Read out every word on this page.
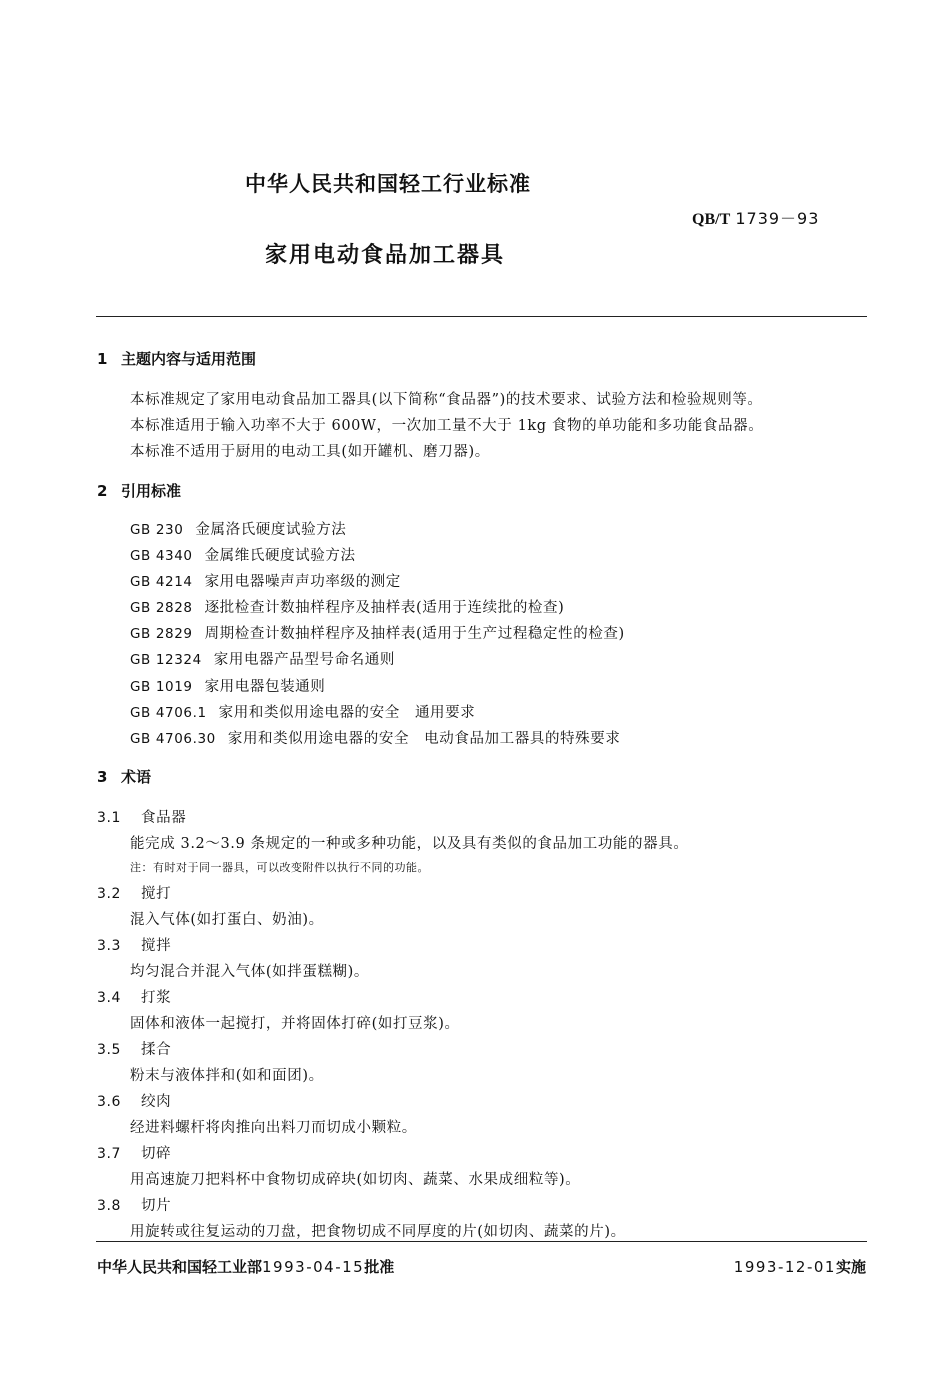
中华人民共和国轻工行业标准
QB/T 1739－93
家用电动食品加工器具
1 主题内容与适用范围
本标准规定了家用电动食品加工器具(以下简称“食品器”)的技术要求、试验方法和检验规则等。
本标准适用于输入功率不大于 600W，一次加工量不大于 1kg 食物的单功能和多功能食品器。
本标准不适用于厨用的电动工具(如开罐机、磨刀器)。
2 引用标准
GB 230 金属洛氏硬度试验方法
GB 4340 金属维氏硬度试验方法
GB 4214 家用电器噪声声功率级的测定
GB 2828 逐批检查计数抽样程序及抽样表(适用于连续批的检查)
GB 2829 周期检查计数抽样程序及抽样表(适用于生产过程稳定性的检查)
GB 12324 家用电器产品型号命名通则
GB 1019 家用电器包装通则
GB 4706.1 家用和类似用途电器的安全　通用要求
GB 4706.30 家用和类似用途电器的安全　电动食品加工器具的特殊要求
3 术语
3.1 食品器
能完成 3.2～3.9 条规定的一种或多种功能，以及具有类似的食品加工功能的器具。
注：有时对于同一器具，可以改变附件以执行不同的功能。
3.2 搅打
混入气体(如打蛋白、奶油)。
3.3 搅拌
均匀混合并混入气体(如拌蛋糕糊)。
3.4 打浆
固体和液体一起搅打，并将固体打碎(如打豆浆)。
3.5 揉合
粉末与液体拌和(如和面团)。
3.6 绞肉
经进料螺杆将肉推向出料刀而切成小颗粒。
3.7 切碎
用高速旋刀把料杯中食物切成碎块(如切肉、蔬菜、水果成细粒等)。
3.8 切片
用旋转或往复运动的刀盘，把食物切成不同厚度的片(如切肉、蔬菜的片)。
中华人民共和国轻工业部1993-04-15批准	1993-12-01实施
